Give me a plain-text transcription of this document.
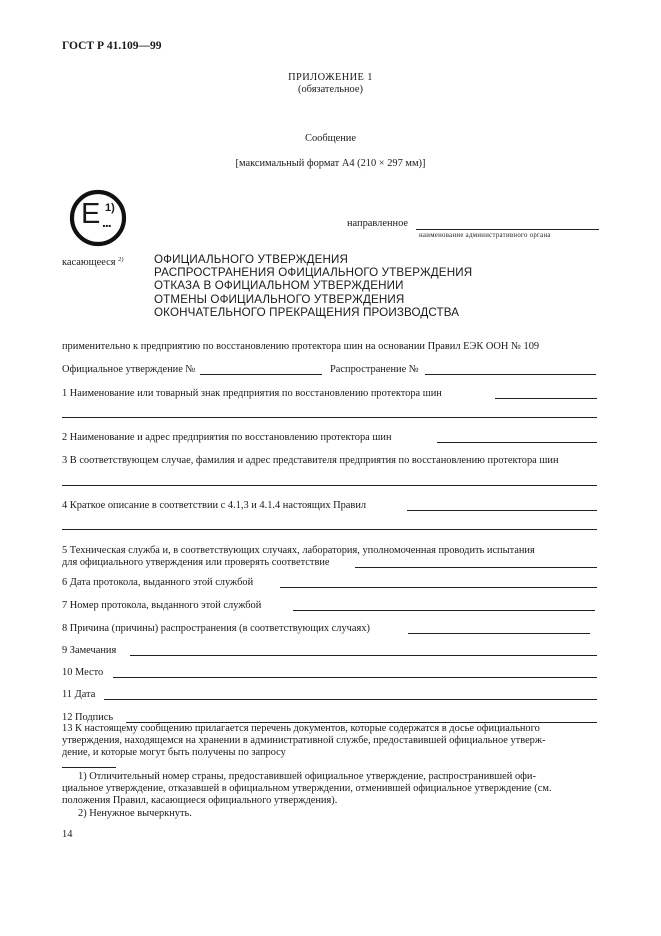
ГОСТ Р 41.109—99
ПРИЛОЖЕНИЕ 1
(обязательное)
Сообщение
[максимальный формат А4 (210 × 297 мм)]
E 1)
...	направленное
наименование административного органа
касающееся $^{2)}$	ОФИЦИАЛЬНОГО УТВЕРЖДЕНИЯ
РАСПРОСТРАНЕНИЯ ОФИЦИАЛЬНОГО УТВЕРЖДЕНИЯ
ОТКАЗА В ОФИЦИАЛЬНОМ УТВЕРЖДЕНИИ
ОТМЕНЫ ОФИЦИАЛЬНОГО УТВЕРЖДЕНИЯ
ОКОНЧАТЕЛЬНОГО ПРЕКРАЩЕНИЯ ПРОИЗВОДСТВА
применительно к предприятию по восстановлению протектора шин на основании Правил ЕЭК ООН № 109
Официальное утверждение №	Распространение №
1 Наименование или товарный знак предприятия по восстановлению протектора шин
2 Наименование и адрес предприятия по восстановлению протектора шин
3 В соответствующем случае, фамилия и адрес представителя предприятия по восстановлению протектора шин
4 Краткое описание в соответствии с 4.1,3 и 4.1.4 настоящих Правил
5 Техническая служба и, в соответствующих случаях, лаборатория, уполномоченная проводить испытания
для официального утверждения или проверять соответствие
6 Дата протокола, выданного этой службой
7 Номер протокола, выданного этой службой
8 Причина (причины) распространения (в соответствующих случаях)
9 Замечания
10 Место
11 Дата
12 Подпись
13 К настоящему сообщению прилагается перечень документов, которые содержатся в досье официального
утверждения, находящемся на хранении в административной службе, предоставившей официальное утверж-
дение, и которые могут быть получены по запросу
1) Отличительный номер страны, предоставившей официальное утверждение, распространившей офи-
циальное утверждение, отказавшей в официальном утверждении, отменившей официальное утверждение (см.
положения Правил, касающиеся официального утверждения).
2) Ненужное вычеркнуть.
14
